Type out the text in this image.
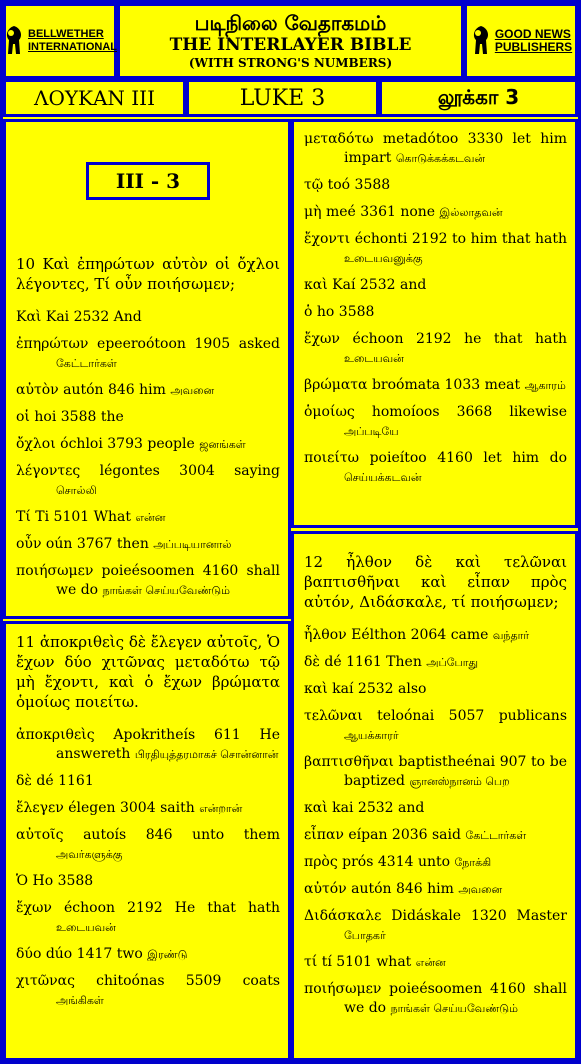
BELLWETHER
INTERNATIONAL
படிநிலை வேதாகமம்
THE INTERLAYER BIBLE
(WITH STRONG'S NUMBERS)
GOOD NEWS
PUBLISHERS
ΛΟΥΚΑΝ III	LUKE 3	லூக்கா 3
III - 3
10 Καὶ ἐπηρώτων αὐτὸν οἱ ὄχλοι λέγοντες, Τί οὖν ποιήσωμεν;
Καὶ Kai 2532 And
ἐπηρώτων epeeroótoon 1905 asked கேட்டார்கள்
αὐτὸν autón 846 him அவனை
οἱ hoi 3588 the
ὄχλοι óchloi 3793 people ஜனங்கள்
λέγοντες légontes 3004 saying சொல்லி
Τί Ti 5101 What என்ன
οὖν oún 3767 then அப்படியானால்
ποιήσωμεν poieésoomen 4160 shall we do நாங்கள் செய்யவேண்டும்
11 ἀποκριθεὶς δὲ ἔλεγεν αὐτοῖς, Ὁ ἔχων δύο χιτῶνας μεταδότω τῷ μὴ ἔχοντι, καὶ ὁ ἔχων βρώματα ὁμοίως ποιείτω.
ἀποκριθεὶς Apokritheís 611 He answereth பிரதியுத்தரமாகச் சொன்னான்
δὲ dé 1161
ἔλεγεν élegen 3004 saith என்றான்
αὐτοῖς autoís 846 unto them அவர்களுக்கு
Ὁ Ho 3588
ἔχων échoon 2192 He that hath உடையவன்
δύο dúo 1417 two இரண்டு
χιτῶνας chitoónas 5509 coats அங்கிகள்
μεταδότω metadótoo 3330 let him impart கொடுக்கக்கடவன்
τῷ toó 3588
μὴ meé 3361 none இல்லாதவன்
ἔχοντι échonti 2192 to him that hath உடையவனுக்கு
καὶ Kaí 2532 and
ὁ ho 3588
ἔχων échoon 2192 he that hath உடையவன்
βρώματα broómata 1033 meat ஆகாரம்
ὁμοίως homoíoos 3668 likewise அப்படியே
ποιείτω poieítoo 4160 let him do செய்யக்கடவன்
12 ἦλθον δὲ καὶ τελῶναι βαπτισθῆναι καὶ εἶπαν πρὸς αὐτόν, Διδάσκαλε, τί ποιήσωμεν;
ἦλθον Eélthon 2064 came வந்தார்
δὲ dé 1161 Then அப்போது
καὶ kaí 2532 also
τελῶναι teloónai 5057 publicans ஆயக்காரர்
βαπτισθῆναι baptistheénai 907 to be baptized ஞானஸ்நானம் பெற
καὶ kai 2532 and
εἶπαν eípan 2036 said கேட்டார்கள்
πρὸς prós 4314 unto நோக்கி
αὐτόν autón 846 him அவனை
Διδάσκαλε Didáskale 1320 Master போதகர்
τί tí 5101 what என்ன
ποιήσωμεν poieésoomen 4160 shall we do நாங்கள் செய்யவேண்டும்
